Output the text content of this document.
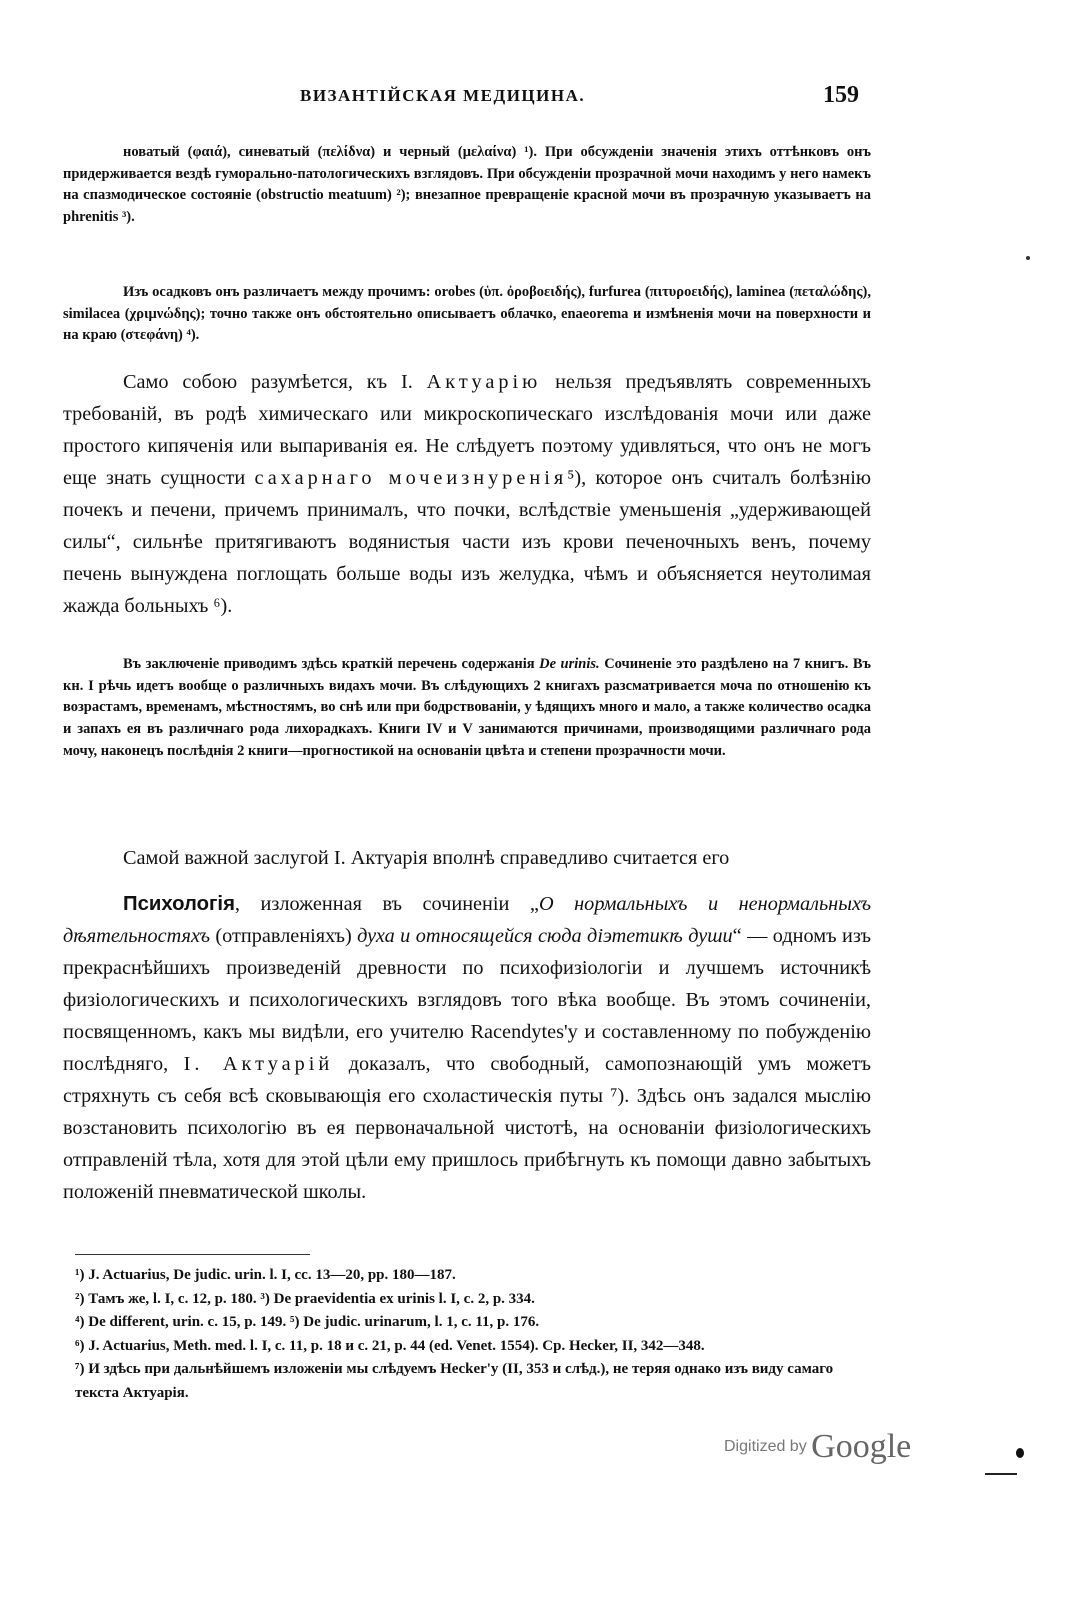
ВИЗАНТІЙСКАЯ МЕДИЦИНА.	159
новатый (φαιά), синеватый (πελίδνα) и черный (μελαίνα) ¹). При обсужденіи значенія этихъ оттѣнковъ онъ придерживается вездѣ гуморально-патологическихъ взглядовъ. При обсужденіи прозрачной мочи находимъ у него намекъ на спазмодическое состояніе (obstructio meatuum) ²); внезапное превращеніе красной мочи въ прозрачную указываетъ на phrenitis ³).
Изъ осадковъ онъ различаетъ между прочимъ: orobes (ὑπ. ὀροβοειδής), furfurea (πιτυροειδής), laminea (πεταλώδης), similacea (χριμνώδης); точно также онъ обстоятельно описываетъ облачко, enaeorema и измѣненія мочи на поверхности и на краю (στεφάνη) ⁴).
Само собою разумѣется, къ І. Актуарію нельзя предъявлять современныхъ требованій, въ родѣ химическаго или микроскопическаго изслѣдованія мочи или даже простого кипяченія или выпариванія ея. Не слѣдуетъ поэтому удивляться, что онъ не могъ еще знать сущности сахарнаго мочеизнуренія⁵), которое онъ считалъ болѣзнію почекъ и печени, причемъ принималъ, что почки, вслѣдствіе уменьшенія „удерживающей силы“, сильнѣе притягиваютъ водянистыя части изъ крови печеночныхъ венъ, почему печень вынуждена поглощать больше воды изъ желудка, чѣмъ и объясняется неутолимая жажда больныхъ ⁶).
Въ заключеніе приводимъ здѣсь краткій перечень содержанія De urinis. Сочиненіе это раздѣлено на 7 книгъ. Въ кн. I рѣчь идетъ вообще о различныхъ видахъ мочи. Въ слѣдующихъ 2 книгахъ разсматривается моча по отношенію къ возрастамъ, временамъ, мѣстностямъ, во снѣ или при бодрствованіи, у ѣдящихъ много и мало, а также количество осадка и запахъ ея въ различнаго рода лихорадкахъ. Книги IV и V занимаются причинами, производящими различнаго рода мочу, наконецъ послѣднія 2 книги—прогностикой на основаніи цвѣта и степени прозрачности мочи.
Самой важной заслугой І. Актуарія вполнѣ справедливо считается его
Психологія, изложенная въ сочиненіи „О нормальныхъ и ненормальныхъ дѣятельностяхъ (отправленіяхъ) духа и относящейся сюда діэтетикѣ души“ — одномъ изъ прекраснѣйшихъ произведеній древности по психофизіологіи и лучшемъ источникѣ физіологическихъ и психологическихъ взглядовъ того вѣка вообще. Въ этомъ сочиненіи, посвященномъ, какъ мы видѣли, его учителю Racendytes'у и составленному по побужденію послѣдняго, І. Актуарій доказалъ, что свободный, самопознающій умъ можетъ стряхнуть съ себя всѣ сковывающія его схоластическія путы ⁷). Здѣсь онъ задался мыслію возстановить психологію въ ея первоначальной чистотѣ, на основаніи физіологическихъ отправленій тѣла, хотя для этой цѣли ему пришлось прибѣгнуть къ помощи давно забытыхъ положеній пневматической школы.
¹) J. Actuarius, De judic. urin. l. I, cc. 13—20, pp. 180—187.
²) Тамъ же, l. I, c. 12, p. 180. ³) De praevidentia ex urinis l. I, c. 2, p. 334.
⁴) De different, urin. c. 15, p. 149. ⁵) De judic. urinarum, l. 1, c. 11, p. 176.
⁶) J. Actuarius, Meth. med. l. I, c. 11, p. 18 и c. 21, p. 44 (ed. Venet. 1554). Cp. Hecker, II, 342—348.
⁷) И здѣсь при дальнѣйшемъ изложеніи мы слѣдуемъ Hecker'у (II, 353 и слѣд.), не теряя однако изъ виду самаго текста Актуарія.
Digitized by Google
